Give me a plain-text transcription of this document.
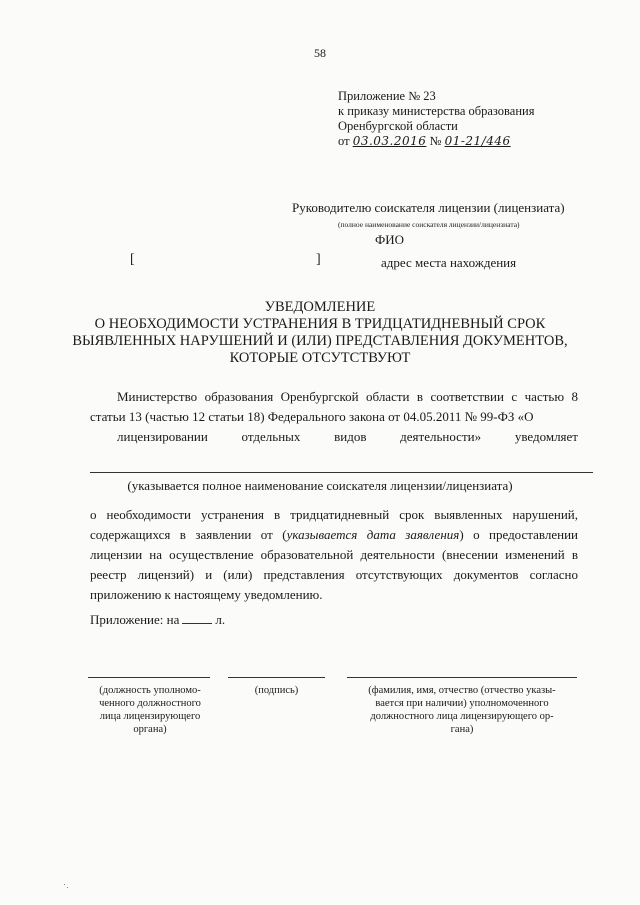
58
Приложение № 23
к приказу министерства образования
Оренбургской области
от 03.03.2016 № 01-21/446
Руководителю соискателя лицензии (лицензиата)
(полное наименование соискателя лицензии/лицензиата)
ФИО
[	]	адрес места нахождения
УВЕДОМЛЕНИЕ
О НЕОБХОДИМОСТИ УСТРАНЕНИЯ В ТРИДЦАТИДНЕВНЫЙ СРОК
ВЫЯВЛЕННЫХ НАРУШЕНИЙ И (ИЛИ) ПРЕДСТАВЛЕНИЯ ДОКУМЕНТОВ,
КОТОРЫЕ ОТСУТСТВУЮТ
Министерство образования Оренбургской области в соответствии с частью 8 статьи 13 (частью 12 статьи 18) Федерального закона от 04.05.2011 № 99-ФЗ «О
лицензировании отдельных видов деятельности» уведомляет
(указывается полное наименование соискателя лицензии/лицензиата)
о необходимости устранения в тридцатидневный срок выявленных нарушений, содержащихся в заявлении от (указывается дата заявления) о предоставлении лицензии на осуществление образовательной деятельности (внесении изменений в реестр лицензий) и (или) представления отсутствующих документов согласно приложению к настоящему уведомлению.
Приложение: на	л.
(должность уполномо-
ченного должностного
лица лицензирующего
органа)
(подпись)	(фамилия, имя, отчество (отчество указы-
вается при наличии) уполномоченного
должностного лица лицензирующего ор-
гана)
